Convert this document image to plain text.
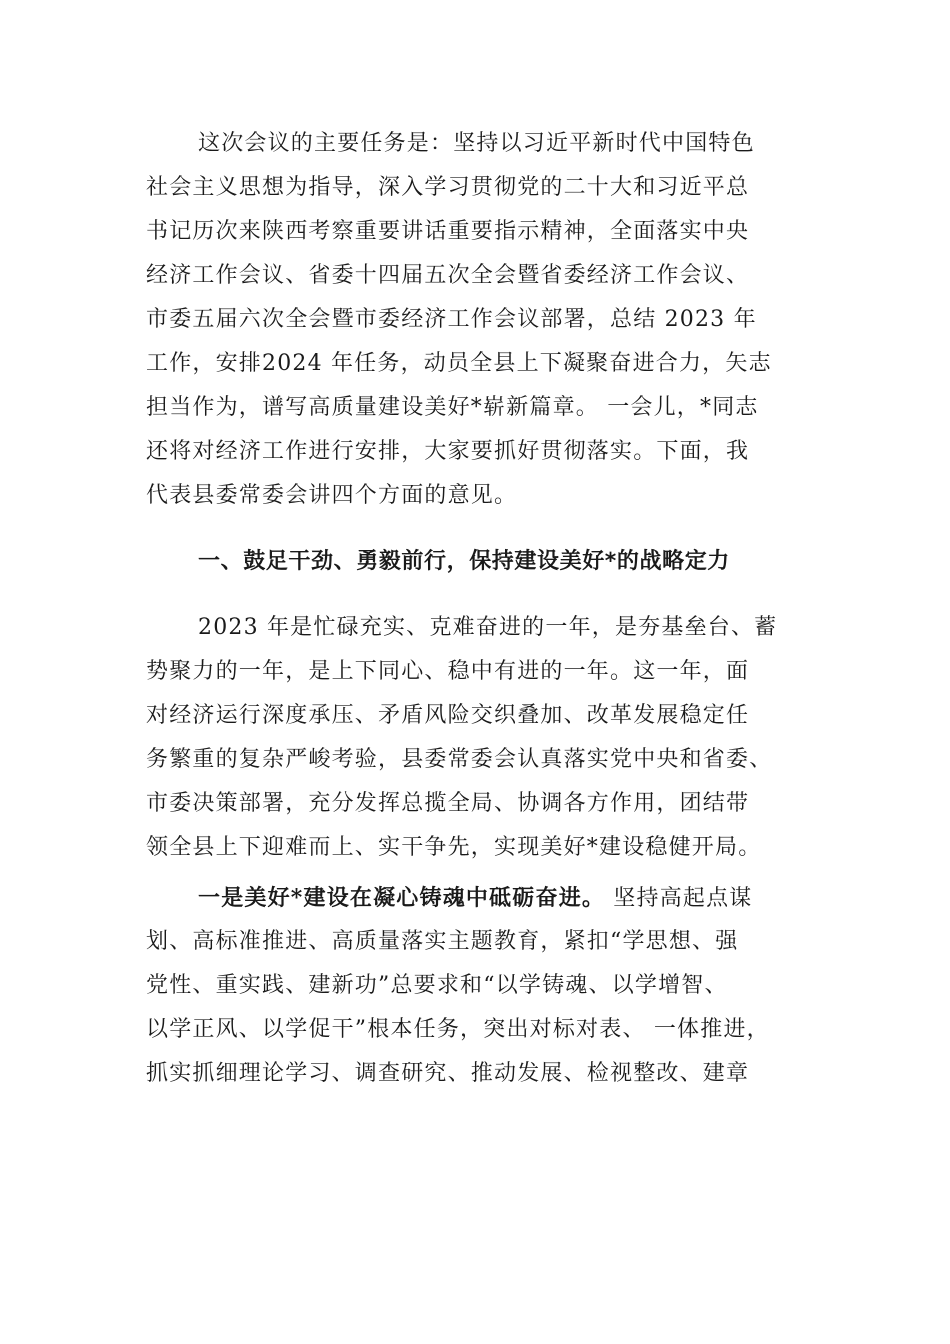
这次会议的主要任务是：坚持以习近平新时代中国特色
社会主义思想为指导，深入学习贯彻党的二十大和习近平总
书记历次来陕西考察重要讲话重要指示精神，全面落实中央
经济工作会议、省委十四届五次全会暨省委经济工作会议、
市委五届六次全会暨市委经济工作会议部署，总结 2023 年
工作，安排2024 年任务，动员全县上下凝聚奋进合力，矢志
担当作为，谱写高质量建设美好*崭新篇章。 一会儿，*同志
还将对经济工作进行安排，大家要抓好贯彻落实。下面，我
代表县委常委会讲四个方面的意见。
一、鼓足干劲、勇毅前行，保持建设美好*的战略定力
2023 年是忙碌充实、克难奋进的一年，是夯基垒台、蓄
势聚力的一年，是上下同心、稳中有进的一年。这一年，面
对经济运行深度承压、矛盾风险交织叠加、改革发展稳定任
务繁重的复杂严峻考验，县委常委会认真落实党中央和省委、
市委决策部署，充分发挥总揽全局、协调各方作用，团结带
领全县上下迎难而上、实干争先，实现美好*建设稳健开局。
一是美好*建设在凝心铸魂中砥砺奋进。 坚持高起点谋
划、高标准推进、高质量落实主题教育，紧扣“学思想、强
党性、重实践、建新功”总要求和“以学铸魂、以学增智、
以学正风、以学促干”根本任务，突出对标对表、 一体推进，
抓实抓细理论学习、调查研究、推动发展、检视整改、建章
